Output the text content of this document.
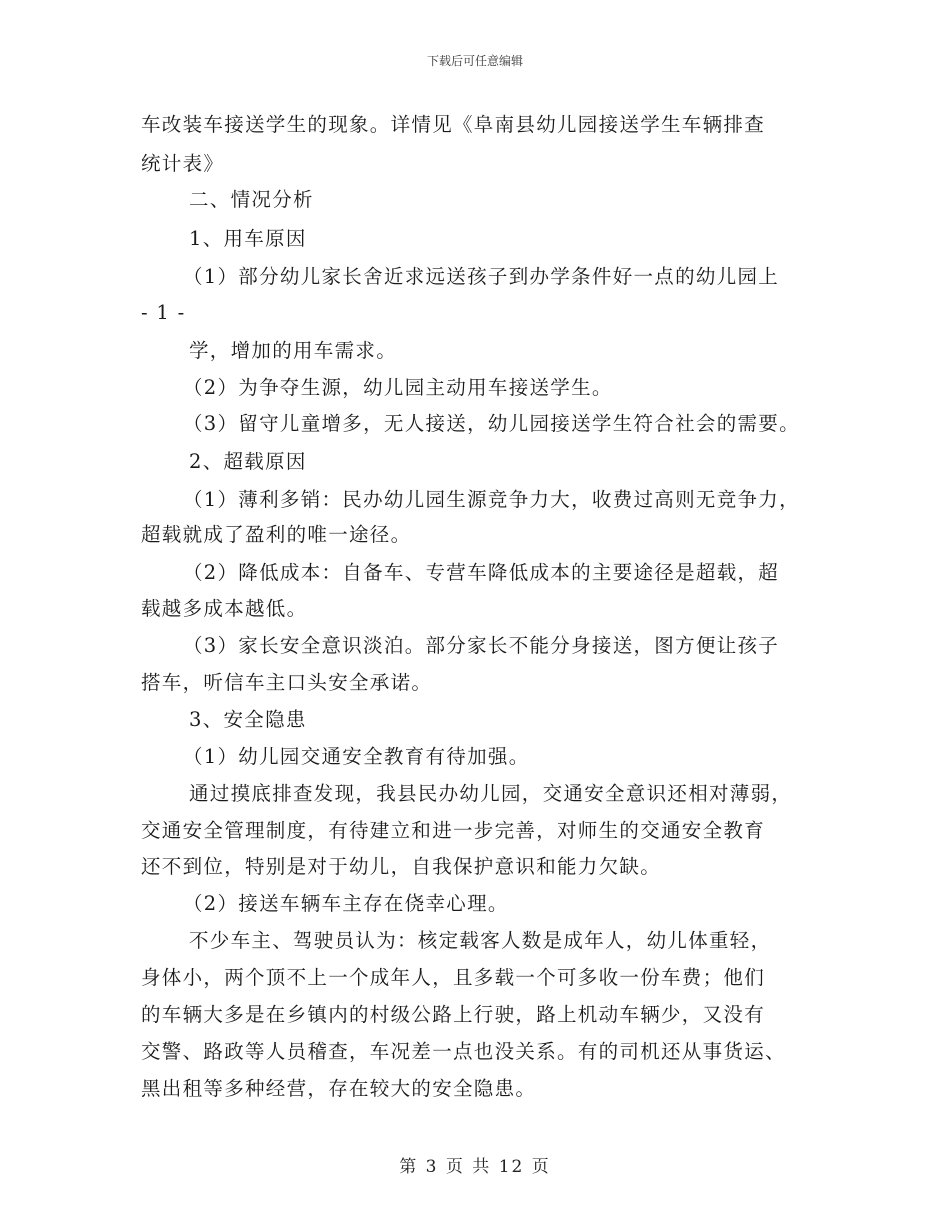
下载后可任意编辑
车改装车接送学生的现象。详情见《阜南县幼儿园接送学生车辆排查
统计表》
二、情况分析
1、用车原因
（1）部分幼儿家长舍近求远送孩子到办学条件好一点的幼儿园上
- 1 -
学，增加的用车需求。
（2）为争夺生源，幼儿园主动用车接送学生。
（3）留守儿童增多，无人接送，幼儿园接送学生符合社会的需要。
2、超载原因
（1）薄利多销：民办幼儿园生源竞争力大，收费过高则无竞争力，
超载就成了盈利的唯一途径。
（2）降低成本：自备车、专营车降低成本的主要途径是超载，超
载越多成本越低。
（3）家长安全意识淡泊。部分家长不能分身接送，图方便让孩子
搭车，听信车主口头安全承诺。
3、安全隐患
（1）幼儿园交通安全教育有待加强。
通过摸底排查发现，我县民办幼儿园，交通安全意识还相对薄弱，
交通安全管理制度，有待建立和进一步完善，对师生的交通安全教育
还不到位，特别是对于幼儿，自我保护意识和能力欠缺。
（2）接送车辆车主存在侥幸心理。
不少车主、驾驶员认为：核定载客人数是成年人，幼儿体重轻，
身体小，两个顶不上一个成年人，且多载一个可多收一份车费；他们
的车辆大多是在乡镇内的村级公路上行驶，路上机动车辆少，又没有
交警、路政等人员稽查，车况差一点也没关系。有的司机还从事货运、
黑出租等多种经营，存在较大的安全隐患。
第 3 页 共 12 页
